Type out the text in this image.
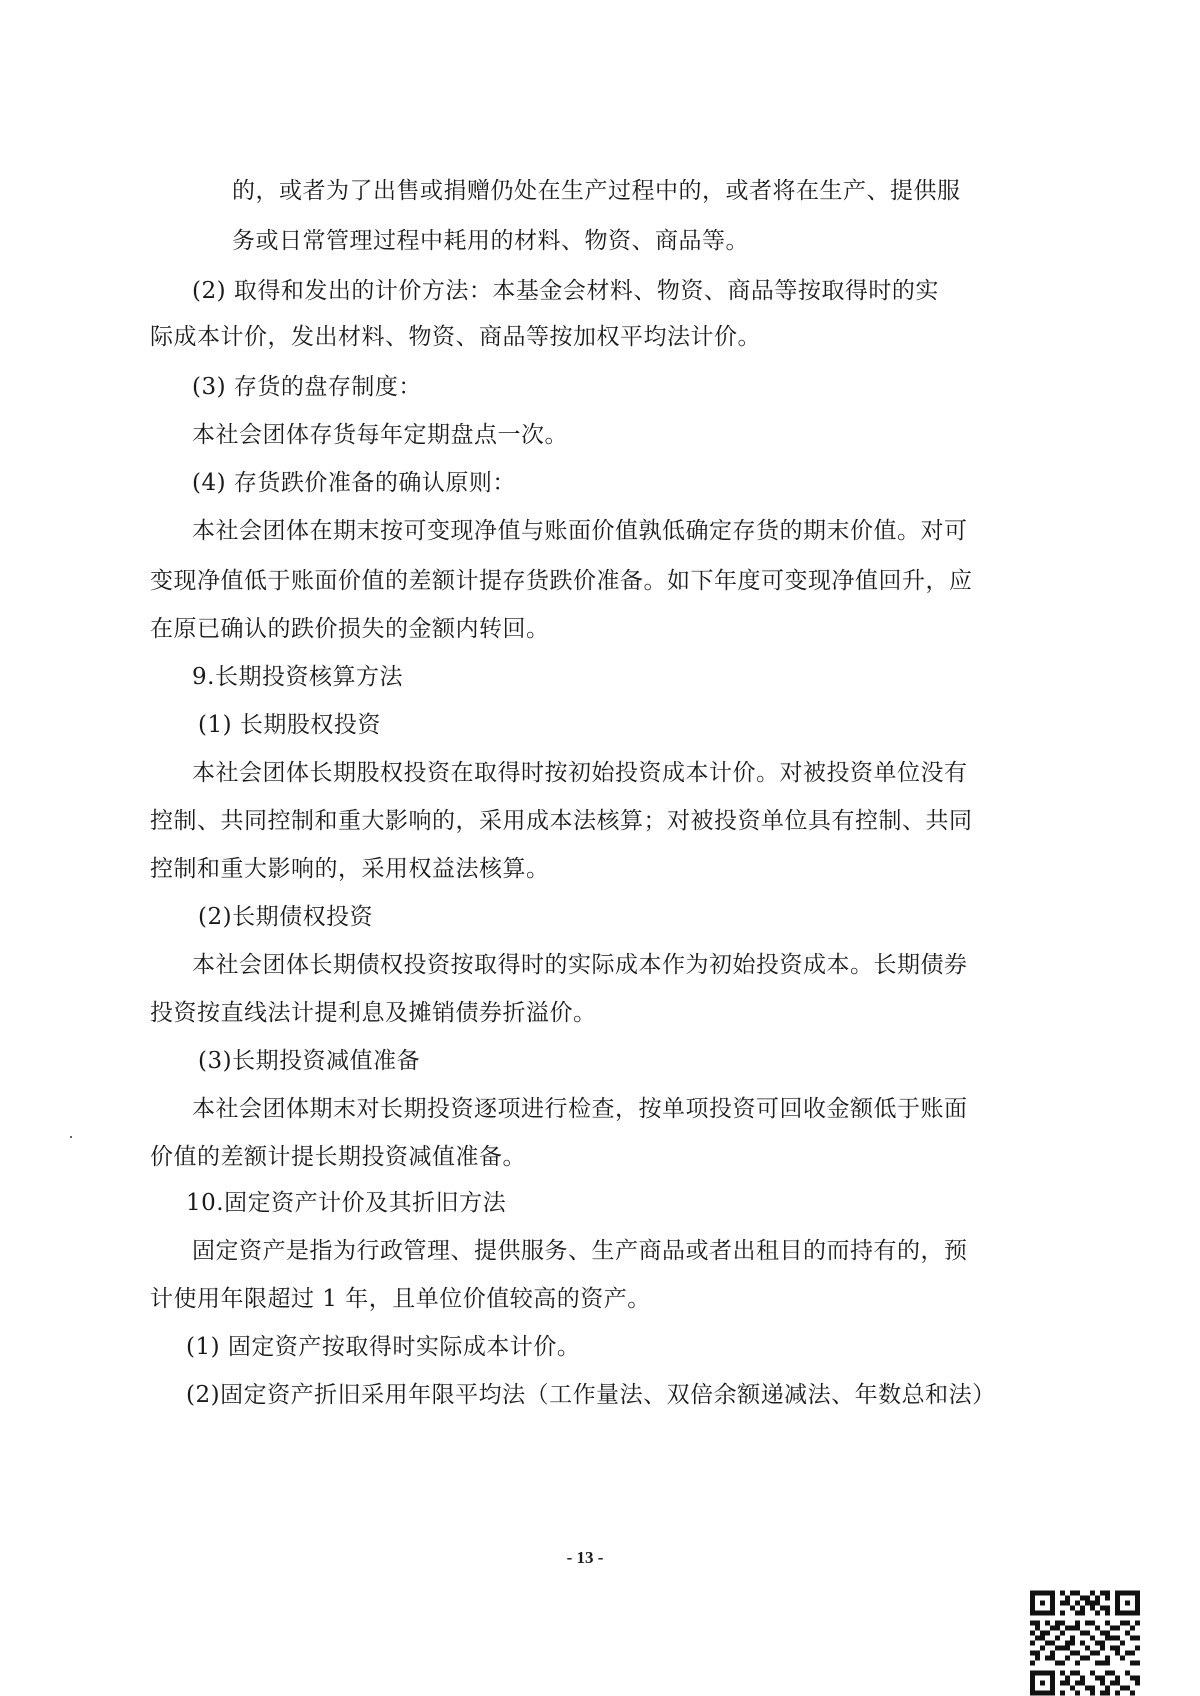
的，或者为了出售或捐赠仍处在生产过程中的，或者将在生产、提供服
务或日常管理过程中耗用的材料、物资、商品等。
(2) 取得和发出的计价方法：本基金会材料、物资、商品等按取得时的实
际成本计价，发出材料、物资、商品等按加权平均法计价。
(3) 存货的盘存制度：
本社会团体存货每年定期盘点一次。
(4) 存货跌价准备的确认原则：
本社会团体在期末按可变现净值与账面价值孰低确定存货的期末价值。对可
变现净值低于账面价值的差额计提存货跌价准备。如下年度可变现净值回升，应
在原已确认的跌价损失的金额内转回。
9.长期投资核算方法
(1) 长期股权投资
本社会团体长期股权投资在取得时按初始投资成本计价。对被投资单位没有
控制、共同控制和重大影响的，采用成本法核算；对被投资单位具有控制、共同
控制和重大影响的，采用权益法核算。
(2)长期债权投资
本社会团体长期债权投资按取得时的实际成本作为初始投资成本。长期债券
投资按直线法计提利息及摊销债券折溢价。
(3)长期投资减值准备
本社会团体期末对长期投资逐项进行检查，按单项投资可回收金额低于账面
价值的差额计提长期投资减值准备。
10.固定资产计价及其折旧方法
固定资产是指为行政管理、提供服务、生产商品或者出租目的而持有的，预
计使用年限超过 1 年，且单位价值较高的资产。
(1) 固定资产按取得时实际成本计价。
(2)固定资产折旧采用年限平均法（工作量法、双倍余额递减法、年数总和法）
- 13 -
